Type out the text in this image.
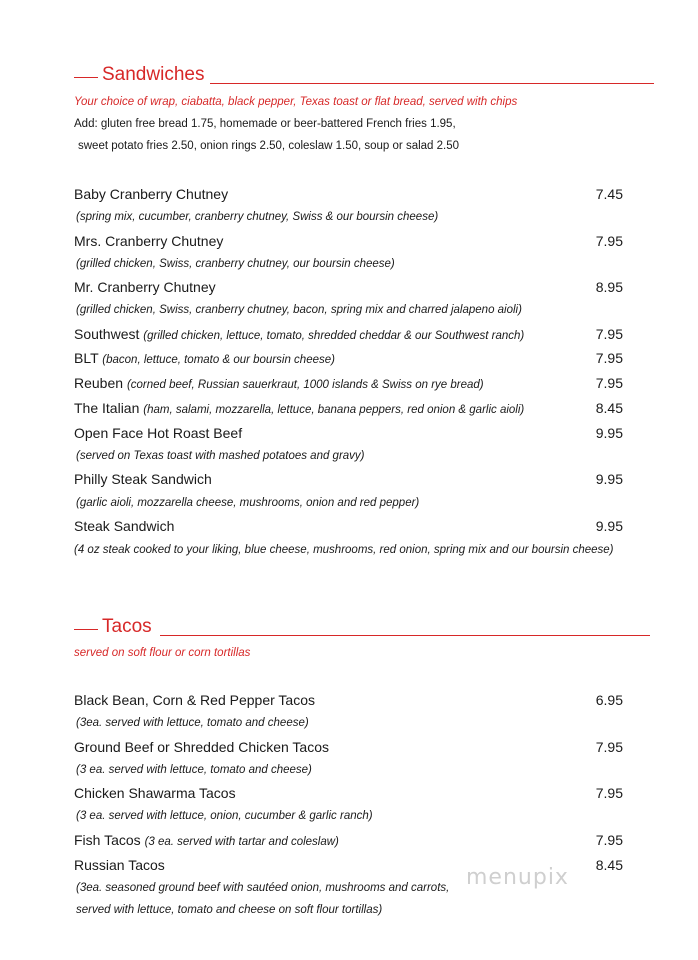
Sandwiches
Your choice of wrap, ciabatta, black pepper, Texas toast or flat bread, served with chips
Add: gluten free bread 1.75, homemade or beer-battered French fries 1.95,
sweet potato fries 2.50, onion rings 2.50, coleslaw 1.50, soup or salad 2.50
Baby Cranberry Chutney	7.45
(spring mix, cucumber, cranberry chutney, Swiss & our boursin cheese)
Mrs. Cranberry Chutney	7.95
(grilled chicken, Swiss, cranberry chutney, our boursin cheese)
Mr. Cranberry Chutney	8.95
(grilled chicken, Swiss, cranberry chutney, bacon, spring mix and charred jalapeno aioli)
Southwest (grilled chicken, lettuce, tomato, shredded cheddar & our Southwest ranch)	7.95
BLT (bacon, lettuce, tomato & our boursin cheese)	7.95
Reuben (corned beef, Russian sauerkraut, 1000 islands & Swiss on rye bread)	7.95
The Italian (ham, salami, mozzarella, lettuce, banana peppers, red onion & garlic aioli)	8.45
Open Face Hot Roast Beef	9.95
(served on Texas toast with mashed potatoes and gravy)
Philly Steak Sandwich	9.95
(garlic aioli, mozzarella cheese, mushrooms, onion and red pepper)
Steak Sandwich	9.95
(4 oz steak cooked to your liking, blue cheese, mushrooms, red onion, spring mix and our boursin cheese)
Tacos
served on soft flour or corn tortillas
Black Bean, Corn & Red Pepper Tacos	6.95
(3ea. served with lettuce, tomato and cheese)
Ground Beef or Shredded Chicken Tacos	7.95
(3 ea. served with lettuce, tomato and cheese)
Chicken Shawarma Tacos	7.95
(3 ea. served with lettuce, onion, cucumber & garlic ranch)
Fish Tacos (3 ea. served with tartar and coleslaw)	7.95
Russian Tacos	8.45
(3ea. seasoned ground beef with sautéed onion, mushrooms and carrots,
served with lettuce, tomato and cheese on soft flour tortillas)
menupix
